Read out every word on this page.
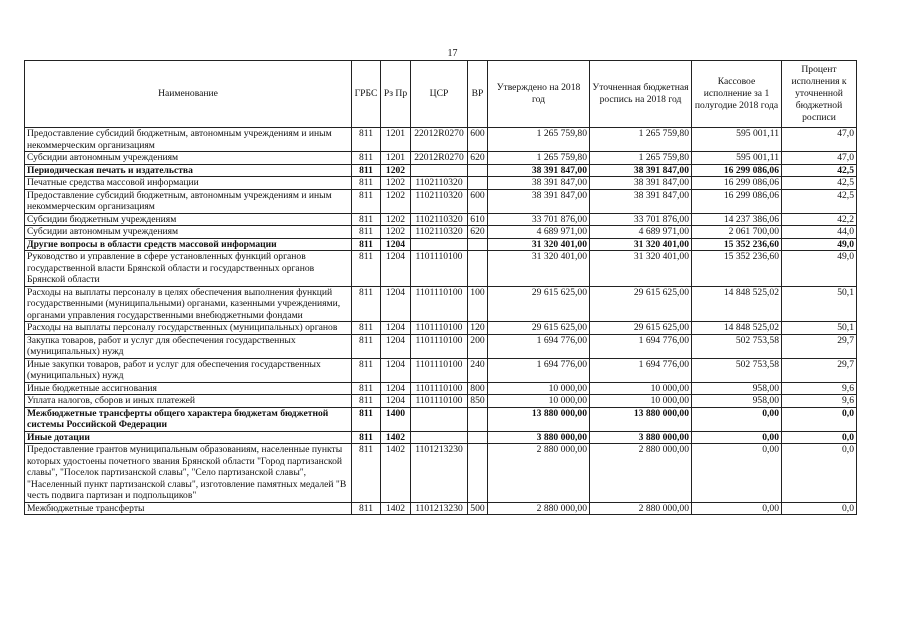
17
Наименование	ГРБС	Рз Пр	ЦСР	ВР	Утверждено на 2018 год	Уточненная бюджетная роспись на 2018 год	Кассовое исполнение за 1 полугодие 2018 года	Процент исполнения к уточненной бюджетной росписи
Предоставление субсидий бюджетным, автономным учреждениям и иным некоммерческим организациям	811	1201	22012R0270	600	1 265 759,80	1 265 759,80	595 001,11	47,0
Субсидии автономным учреждениям	811	1201	22012R0270	620	1 265 759,80	1 265 759,80	595 001,11	47,0
Периодическая печать и издательства	811	1202			38 391 847,00	38 391 847,00	16 299 086,06	42,5
Печатные средства массовой информации	811	1202	1102110320		38 391 847,00	38 391 847,00	16 299 086,06	42,5
Предоставление субсидий бюджетным, автономным учреждениям и иным некоммерческим организациям	811	1202	1102110320	600	38 391 847,00	38 391 847,00	16 299 086,06	42,5
Субсидии бюджетным учреждениям	811	1202	1102110320	610	33 701 876,00	33 701 876,00	14 237 386,06	42,2
Субсидии автономным учреждениям	811	1202	1102110320	620	4 689 971,00	4 689 971,00	2 061 700,00	44,0
Другие вопросы в области средств массовой информации	811	1204			31 320 401,00	31 320 401,00	15 352 236,60	49,0
Руководство и управление в сфере установленных функций органов государственной власти Брянской области и государственных органов Брянской области	811	1204	1101110100		31 320 401,00	31 320 401,00	15 352 236,60	49,0
Расходы на выплаты персоналу в целях обеспечения выполнения функций государственными (муниципальными) органами, казенными учреждениями, органами управления государственными внебюджетными фондами	811	1204	1101110100	100	29 615 625,00	29 615 625,00	14 848 525,02	50,1
Расходы на выплаты персоналу государственных (муниципальных) органов	811	1204	1101110100	120	29 615 625,00	29 615 625,00	14 848 525,02	50,1
Закупка товаров, работ и услуг для обеспечения государственных (муниципальных) нужд	811	1204	1101110100	200	1 694 776,00	1 694 776,00	502 753,58	29,7
Иные закупки товаров, работ и услуг для обеспечения государственных (муниципальных) нужд	811	1204	1101110100	240	1 694 776,00	1 694 776,00	502 753,58	29,7
Иные бюджетные ассигнования	811	1204	1101110100	800	10 000,00	10 000,00	958,00	9,6
Уплата налогов, сборов и иных платежей	811	1204	1101110100	850	10 000,00	10 000,00	958,00	9,6
Межбюджетные трансферты общего характера бюджетам бюджетной системы Российской Федерации	811	1400			13 880 000,00	13 880 000,00	0,00	0,0
Иные дотации	811	1402			3 880 000,00	3 880 000,00	0,00	0,0
Предоставление грантов муниципальным образованиям, населенные пункты которых удостоены почетного звания Брянской области "Город партизанской славы", "Поселок партизанской славы", "Село партизанской славы", "Населенный пункт партизанской славы", изготовление памятных медалей "В честь подвига партизан и подпольщиков"	811	1402	1101213230		2 880 000,00	2 880 000,00	0,00	0,0
Межбюджетные трансферты	811	1402	1101213230	500	2 880 000,00	2 880 000,00	0,00	0,0
